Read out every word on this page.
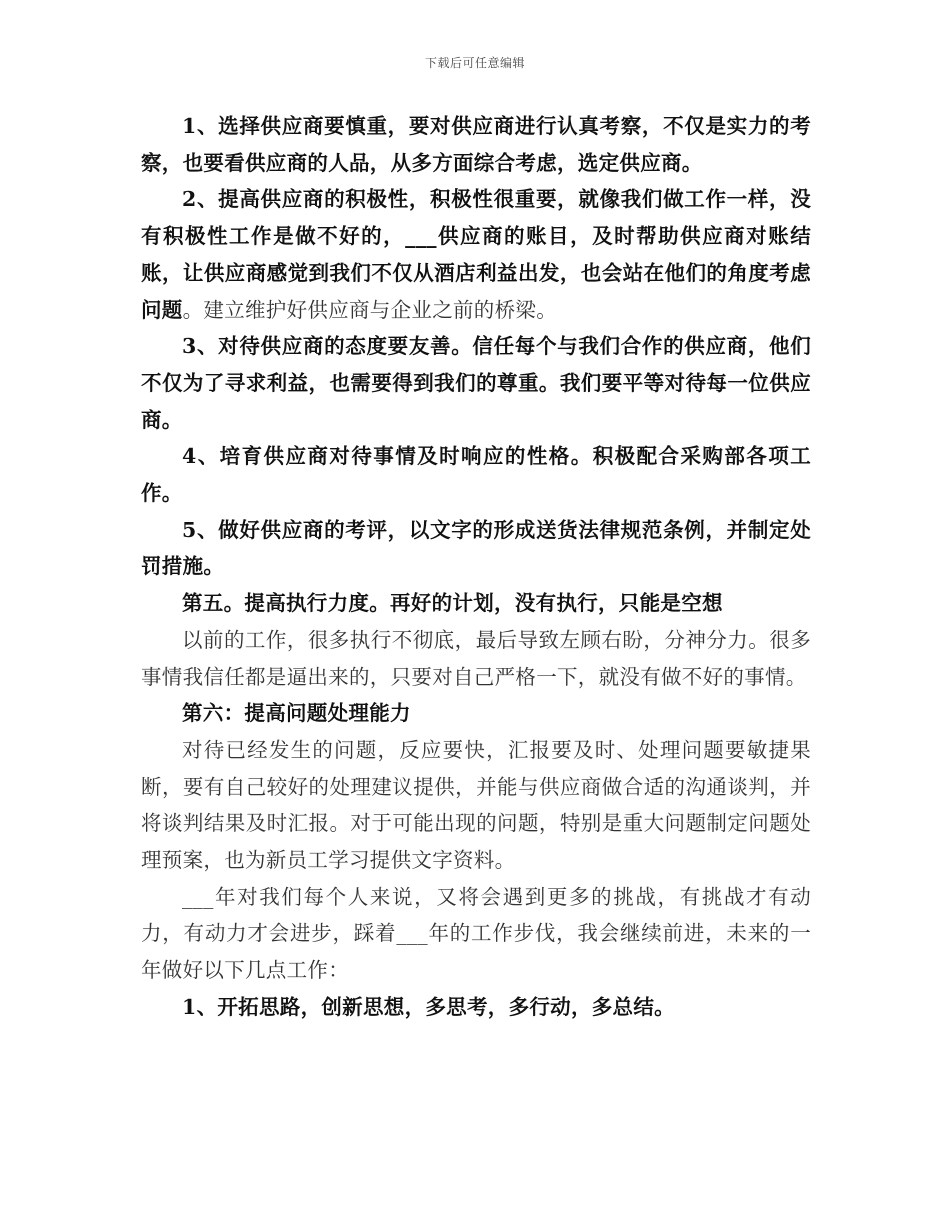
下载后可任意编辑

1、选择供应商要慎重，要对供应商进行认真考察，不仅是实力的考察，也要看供应商的人品，从多方面综合考虑，选定供应商。

2、提高供应商的积极性，积极性很重要，就像我们做工作一样，没有积极性工作是做不好的，___供应商的账目，及时帮助供应商对账结账，让供应商感觉到我们不仅从酒店利益出发，也会站在他们的角度考虑问题。建立维护好供应商与企业之前的桥梁。

3、对待供应商的态度要友善。信任每个与我们合作的供应商，他们不仅为了寻求利益，也需要得到我们的尊重。我们要平等对待每一位供应商。

4、培育供应商对待事情及时响应的性格。积极配合采购部各项工作。

5、做好供应商的考评，以文字的形成送货法律规范条例，并制定处罚措施。

第五。提高执行力度。再好的计划，没有执行，只能是空想

以前的工作，很多执行不彻底，最后导致左顾右盼，分神分力。很多事情我信任都是逼出来的，只要对自己严格一下，就没有做不好的事情。

第六：提高问题处理能力

对待已经发生的问题，反应要快，汇报要及时、处理问题要敏捷果断，要有自己较好的处理建议提供，并能与供应商做合适的沟通谈判，并将谈判结果及时汇报。对于可能出现的问题，特别是重大问题制定问题处理预案，也为新员工学习提供文字资料。

___年对我们每个人来说，又将会遇到更多的挑战，有挑战才有动力，有动力才会进步，踩着___年的工作步伐，我会继续前进，未来的一年做好以下几点工作：

1、开拓思路，创新思想，多思考，多行动，多总结。
